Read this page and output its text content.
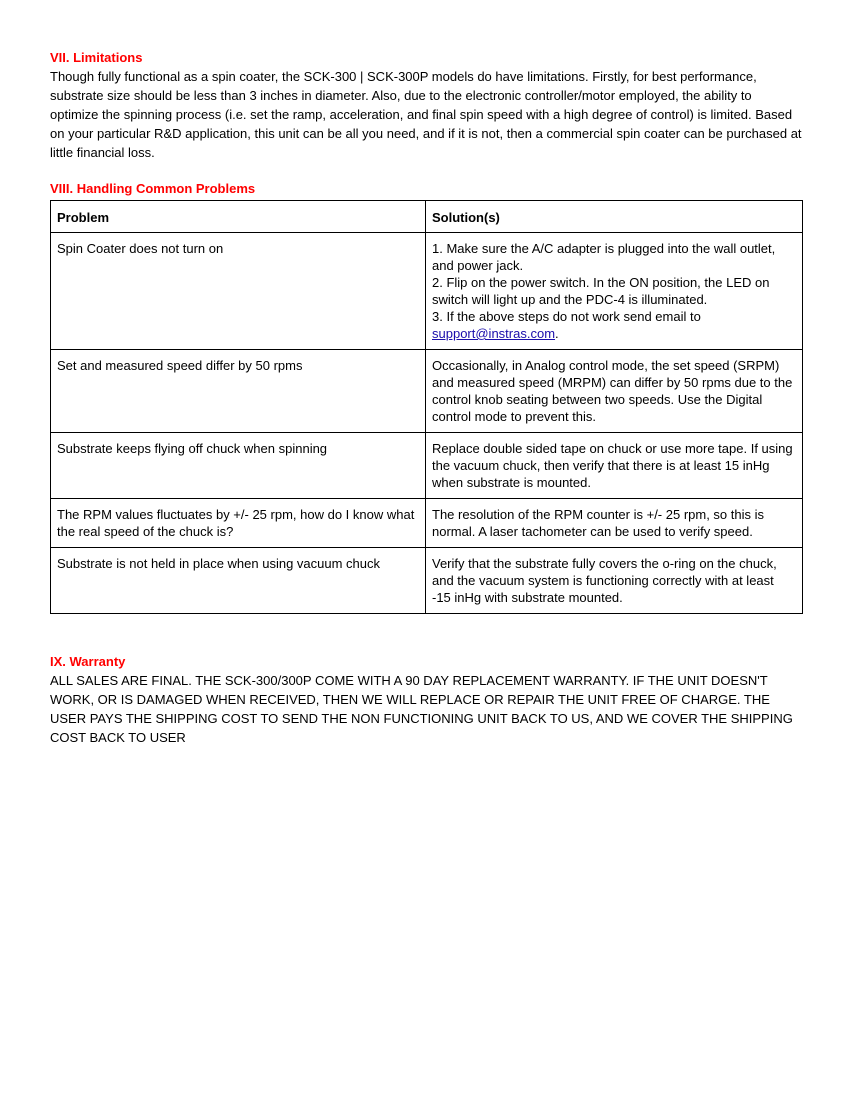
VII. Limitations

Though fully functional as a spin coater, the SCK-300 | SCK-300P models do have limitations. Firstly, for best performance, substrate size should be less than 3 inches in diameter. Also, due to the electronic controller/motor employed, the ability to optimize the spinning process (i.e. set the ramp, acceleration, and final spin speed with a high degree of control) is limited. Based on your particular R&D application, this unit can be all you need, and if it is not, then a commercial spin coater can be purchased at little financial loss.

VIII. Handling Common Problems
Problem	Solution(s)
Spin Coater does not turn on	1. Make sure the A/C adapter is plugged into the wall outlet, and power jack.
2. Flip on the power switch. In the ON position, the LED on switch will light up and the PDC-4 is illuminated.
3. If the above steps do not work send email to
support@instras.com.
Set and measured speed differ by 50 rpms	Occasionally, in Analog control mode, the set speed (SRPM) and measured speed (MRPM) can differ by 50 rpms due to the control knob seating between two speeds. Use the Digital control mode to prevent this.
Substrate keeps flying off chuck when spinning	Replace double sided tape on chuck or use more tape. If using the vacuum chuck, then verify that there is at least 15 inHg when substrate is mounted.
The RPM values fluctuates by +/- 25 rpm, how do I know what the real speed of the chuck is?	The resolution of the RPM counter is +/- 25 rpm, so this is normal. A laser tachometer can be used to verify speed.
Substrate is not held in place when using vacuum chuck	Verify that the substrate fully covers the o-ring on the chuck, and the vacuum system is functioning correctly with at least -15 inHg with substrate mounted.
IX. Warranty

ALL SALES ARE FINAL. THE SCK-300/300P COME WITH A 90 DAY REPLACEMENT WARRANTY. IF THE UNIT DOESN'T WORK, OR IS DAMAGED WHEN RECEIVED, THEN WE WILL REPLACE OR REPAIR THE UNIT FREE OF CHARGE. THE USER PAYS THE SHIPPING COST TO SEND THE NON FUNCTIONING UNIT BACK TO US, AND WE COVER THE SHIPPING COST BACK TO USER
